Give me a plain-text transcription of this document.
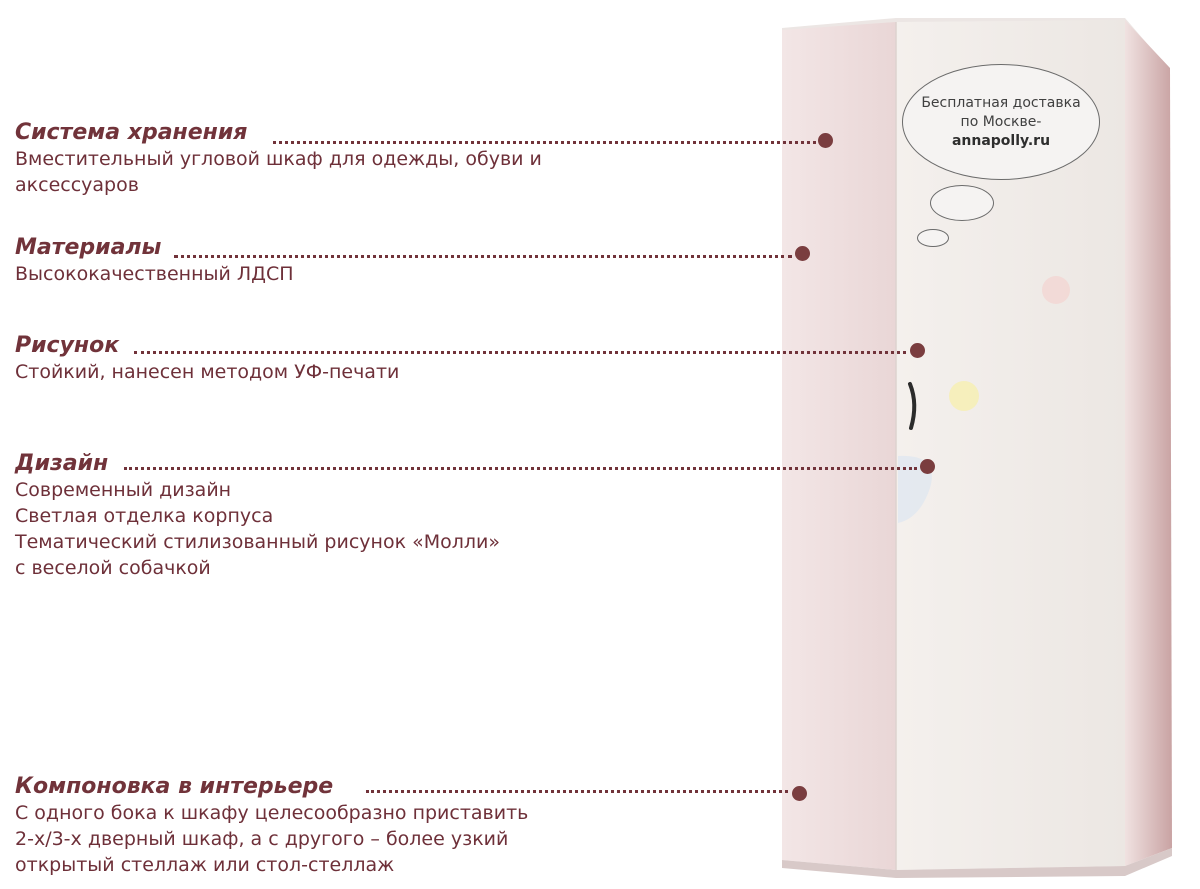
Бесплатная доставка
по Москве-
annapolly.ru
Система хранения
Вместительный угловой шкаф для одежды, обуви и
аксессуаров
Материалы
Высококачественный ЛДСП
Рисунок
Стойкий, нанесен методом УФ-печати
Дизайн
Современный дизайн
Светлая отделка корпуса
Тематический стилизованный рисунок «Молли»
с веселой собачкой
Компоновка в интерьере
С одного бока к шкафу целесообразно приставить
2-х/3-х дверный шкаф, а с другого – более узкий
открытый стеллаж или стол-стеллаж
